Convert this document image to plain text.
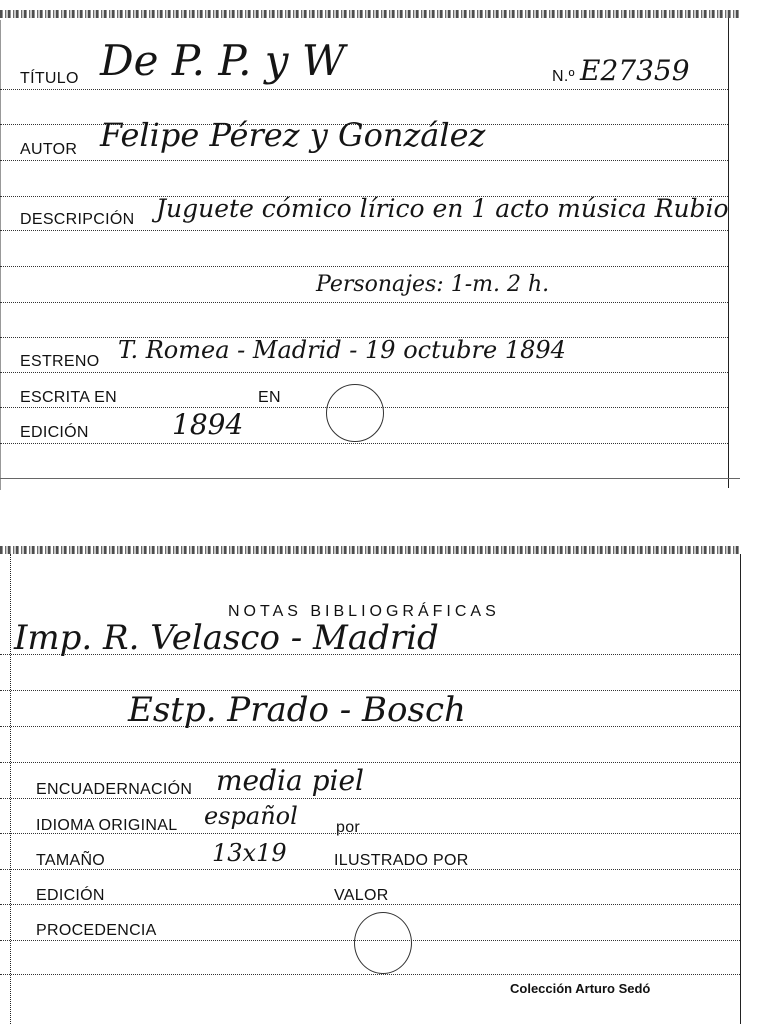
TÍTULO De P. P. y W	N.º E27359
AUTOR Felipe Pérez y González
DESCRIPCIÓN Juguete cómico lírico en 1 acto música Rubio
Personajes: 1-m. 2 h.
ESTRENO T. Romea - Madrid - 19 octubre 1894
ESCRITA EN	EN
EDICIÓN	1894
NOTAS BIBLIOGRÁFICAS
Imp. R. Velasco - Madrid
Estp. Prado - Bosch
ENCUADERNACIÓN media piel
IDIOMA ORIGINAL español por
TAMAÑO	13x19	ILUSTRADO POR
EDICIÓN	VALOR
PROCEDENCIA
Colección Arturo Sedó
